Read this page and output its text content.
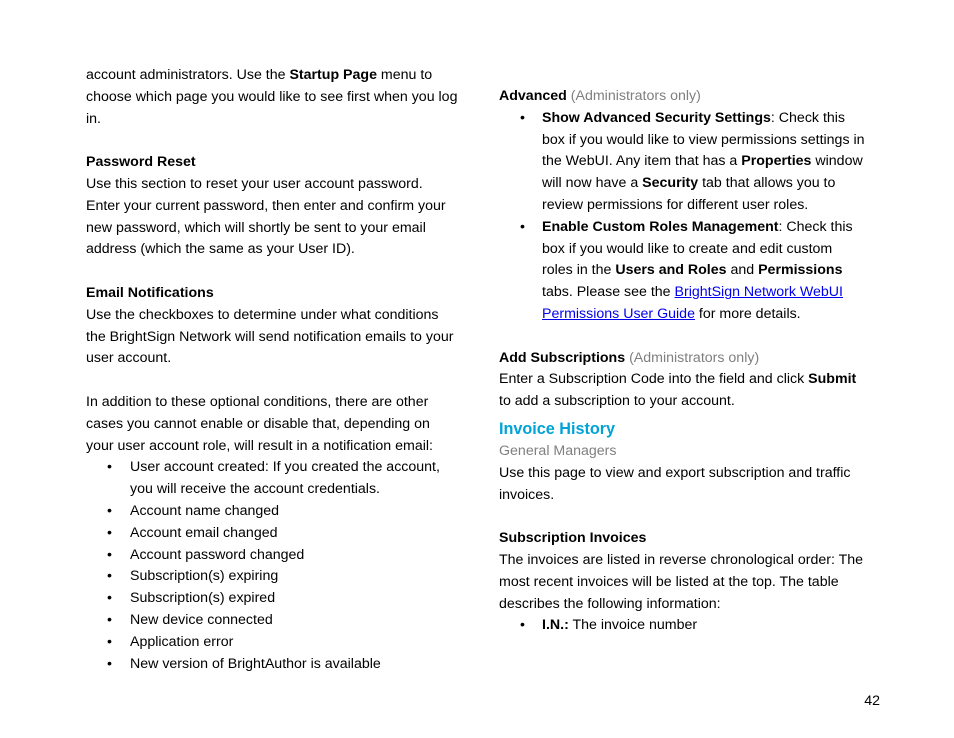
account administrators. Use the Startup Page menu to choose which page you would like to see first when you log in.

Password Reset

Use this section to reset your user account password. Enter your current password, then enter and confirm your new password, which will shortly be sent to your email address (which the same as your User ID).

Email Notifications

Use the checkboxes to determine under what conditions the BrightSign Network will send notification emails to your user account.

In addition to these optional conditions, there are other cases you cannot enable or disable that, depending on your user account role, will result in a notification email:

• User account created: If you created the account, you will receive the account credentials.
• Account name changed
• Account email changed
• Account password changed
• Subscription(s) expiring
• Subscription(s) expired
• New device connected
• Application error
• New version of BrightAuthor is available

Advanced (Administrators only)

• Show Advanced Security Settings: Check this box if you would like to view permissions settings in the WebUI. Any item that has a Properties window will now have a Security tab that allows you to review permissions for different user roles.
• Enable Custom Roles Management: Check this box if you would like to create and edit custom roles in the Users and Roles and Permissions tabs. Please see the BrightSign Network WebUI Permissions User Guide for more details.

Add Subscriptions (Administrators only)

Enter a Subscription Code into the field and click Submit to add a subscription to your account.

Invoice History

General Managers

Use this page to view and export subscription and traffic invoices.

Subscription Invoices

The invoices are listed in reverse chronological order: The most recent invoices will be listed at the top. The table describes the following information:

• I.N.: The invoice number
42
